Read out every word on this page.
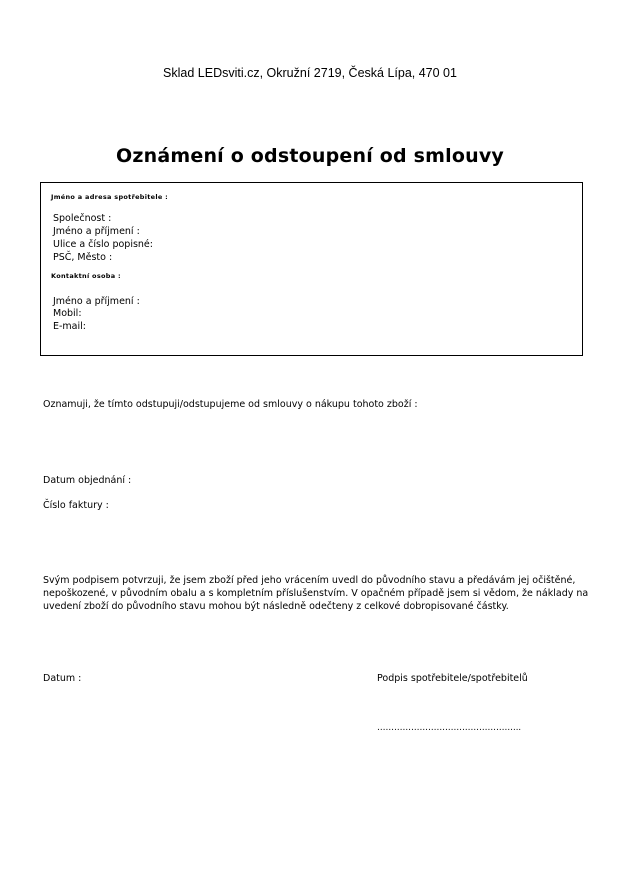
Sklad LEDsviti.cz, Okružní 2719, Česká Lípa, 470 01
Oznámení o odstoupení od smlouvy
Jméno a adresa spotřebitele :
Společnost :
Jméno a příjmení :
Ulice a číslo popisné:
PSČ, Město :
Kontaktní osoba :
Jméno a příjmení :
Mobil:
E-mail:
Oznamuji, že tímto odstupuji/odstupujeme od smlouvy o nákupu tohoto zboží :
Datum objednání :
Číslo faktury :
Svým podpisem potvrzuji, že jsem zboží před jeho vrácením uvedl do původního stavu a předávám jej očištěné,
nepoškozené, v původním obalu a s kompletním příslušenstvím. V opačném případě jsem si vědom, že náklady na
uvedení zboží do původního stavu mohou být následně odečteny z celkové dobropisované částky.
Datum :	Podpis spotřebitele/spotřebitelů
…………………………………………...
